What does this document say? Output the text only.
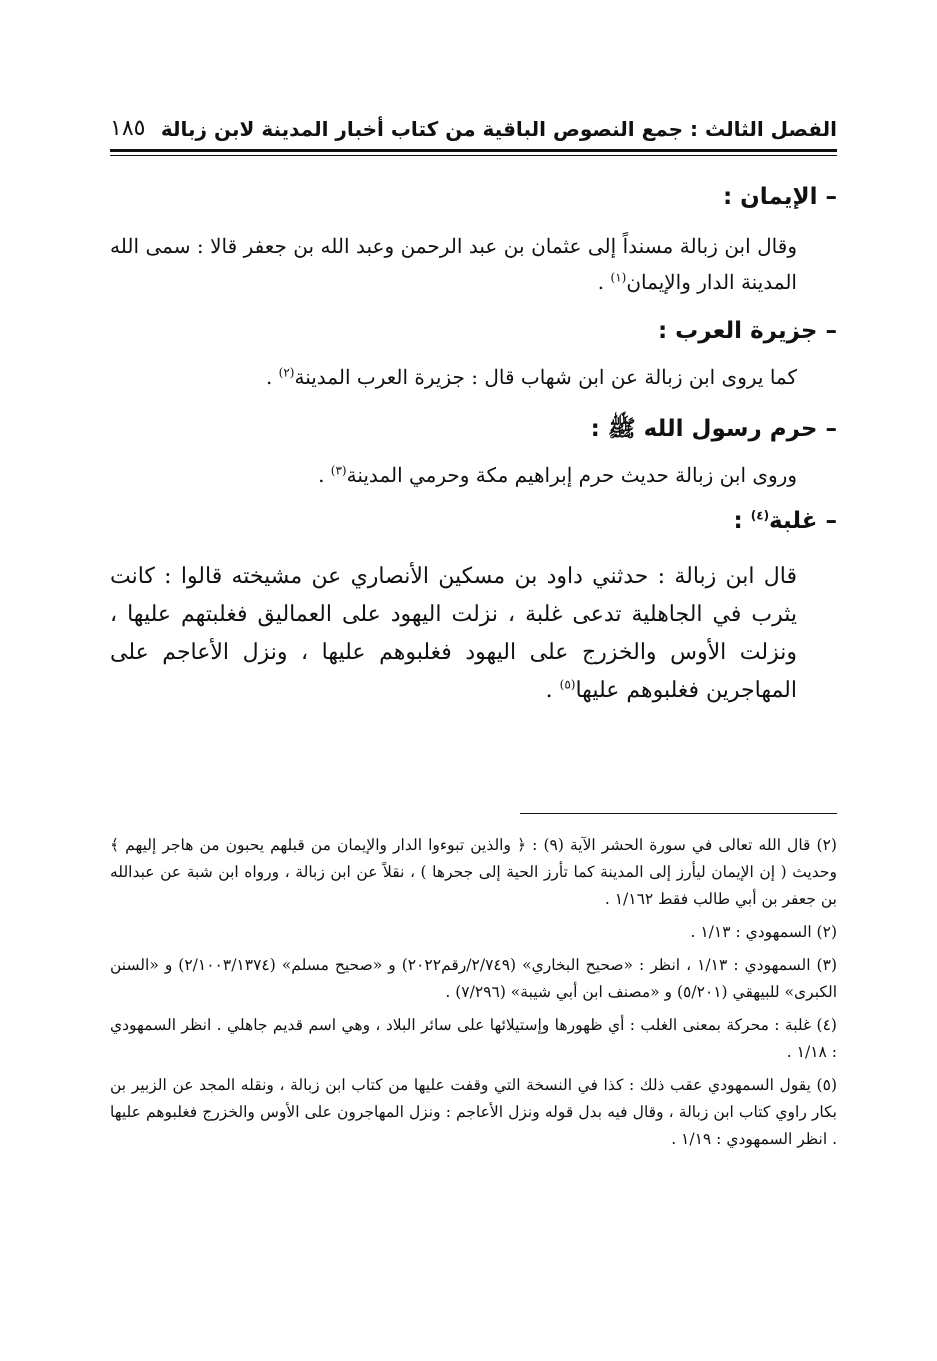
الفصل الثالث : جمع النصوص الباقية من كتاب أخبار المدينة لابن زبالة
١٨٥
– الإيمان :

وقال ابن زبالة مسنداً إلى عثمان بن عبد الرحمن وعبد الله بن جعفر قالا : سمى الله المدينة الدار والإيمان$^{(١)}$ .

– جزيرة العرب :

كما يروى ابن زبالة عن ابن شهاب قال : جزيرة العرب المدينة$^{(٢)}$ .

– حرم رسول الله ﷺ :

وروى ابن زبالة حديث حرم إبراهيم مكة وحرمي المدينة$^{(٣)}$ .

– غلبة$^{(٤)}$ :

قال ابن زبالة : حدثني داود بن مسكين الأنصاري عن مشيخته قالوا : كانت يثرب في الجاهلية تدعى غلبة ، نزلت اليهود على العماليق فغلبتهم عليها ، ونزلت الأوس والخزرج على اليهود فغلبوهم عليها ، ونزل الأعاجم على المهاجرين فغلبوهم عليها$^{(٥)}$ .

(٢) قال الله تعالى في سورة الحشر الآية (٩) : ﴿ والذين تبوءوا الدار والإيمان من قبلهم يحبون من هاجر إليهم ﴾ وحديث ( إن الإيمان ليأرز إلى المدينة كما تأرز الحية إلى جحرها ) ، نقلاً عن ابن زبالة ، ورواه ابن شبة عن عبدالله بن جعفر بن أبي طالب فقط ١/١٦٢ .

(٢) السمهودي : ١/١٣ .

(٣) السمهودي : ١/١٣ ، انظر : «صحيح البخاري» (٢/٧٤٩/رقم٢٠٢٢) و «صحيح مسلم» (٢/١٠٠٣/١٣٧٤) و «السنن الكبرى» للبيهقي (٥/٢٠١) و «مصنف ابن أبي شيبة» (٧/٢٩٦) .

(٤) غلبة : محركة بمعنى الغلب : أي ظهورها وإستيلائها على سائر البلاد ، وهي اسم قديم جاهلي . انظر السمهودي : ١/١٨ .

(٥) يقول السمهودي عقب ذلك : كذا في النسخة التي وقفت عليها من كتاب ابن زبالة ، ونقله المجد عن الزبير بن بكار راوي كتاب ابن زبالة ، وقال فيه بدل قوله ونزل الأعاجم : ونزل المهاجرون على الأوس والخزرج فغلبوهم عليها . انظر السمهودي : ١/١٩ .
